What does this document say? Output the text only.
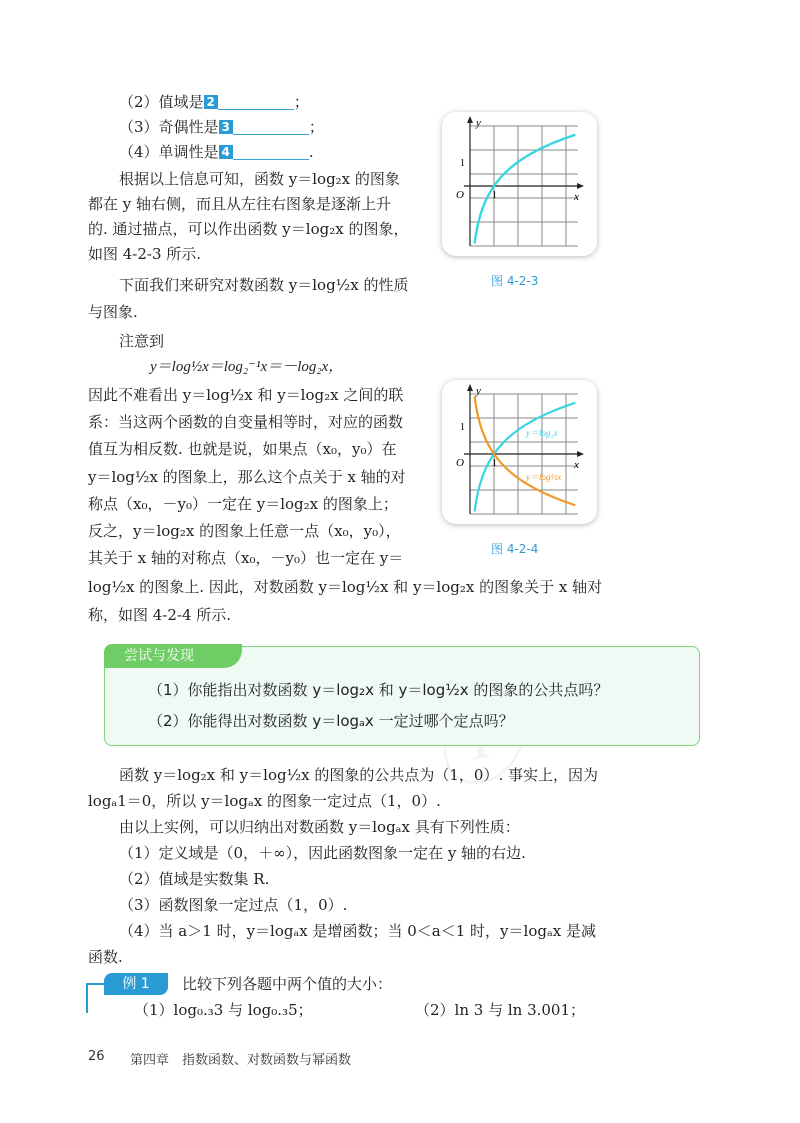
（2）值域是 2	；
（3）奇偶性是 3	；
（4）单调性是 4	.
根据以上信息可知，函数 y＝log₂x 的图象
都在 y 轴右侧，而且从左往右图象是逐渐上升
的. 通过描点，可以作出函数 y＝log₂x 的图象，
如图 4-2-3 所示.
下面我们来研究对数函数 y＝log½x 的性质
与图象.
注意到
y＝log½x＝log₂⁻¹x＝－log₂x，
因此不难看出 y＝log½x 和 y＝log₂x 之间的联
系：当这两个函数的自变量相等时，对应的函数
值互为相反数. 也就是说，如果点（x₀，y₀）在
y＝log½x 的图象上，那么这个点关于 x 轴的对
称点（x₀，－y₀）一定在 y＝log₂x 的图象上；
反之，y＝log₂x 的图象上任意一点（x₀，y₀），
其关于 x 轴的对称点（x₀，－y₀）也一定在 y＝
log½x 的图象上. 因此，对数函数 y＝log½x 和 y＝log₂x 的图象关于 x 轴对
称，如图 4-2-4 所示.
y
x
O
1
1
图 4-2-3
y
x
O
1
1
y＝log₂x
y＝log½x
图 4-2-4
尝试与发现
（1）你能指出对数函数 y＝log₂x 和 y＝log½x 的图象的公共点吗？
（2）你能得出对数函数 y＝logₐx 一定过哪个定点吗？
函数 y＝log₂x 和 y＝log½x 的图象的公共点为（1，0）. 事实上，因为
logₐ1＝0，所以 y＝logₐx 的图象一定过点（1，0）.
由以上实例，可以归纳出对数函数 y＝logₐx 具有下列性质：
（1）定义域是（0，＋∞），因此函数图象一定在 y 轴的右边.
（2）值域是实数集 R.
（3）函数图象一定过点（1，0）.
（4）当 a＞1 时，y＝logₐx 是增函数；当 0＜a＜1 时，y＝logₐx 是减
函数.
例 1	比较下列各题中两个值的大小：
（1）log₀.₃3 与 log₀.₃5；	（2）ln 3 与 ln 3.001；
26 第四章　指数函数、对数函数与幂函数
